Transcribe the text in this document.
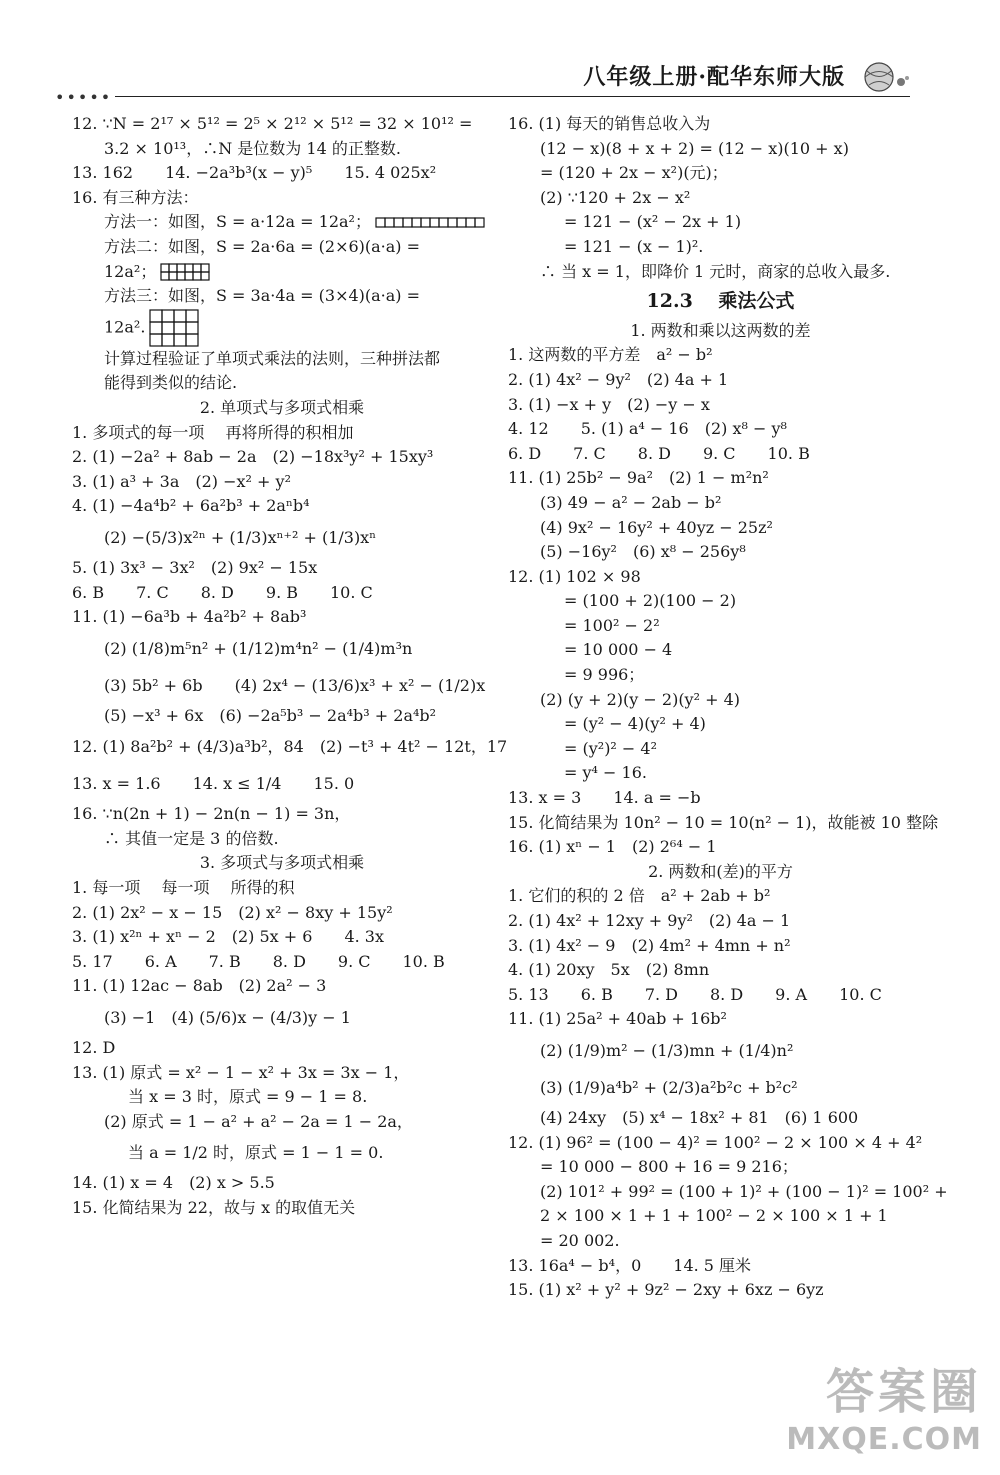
•••••
八年级上册·配华东师大版
12. ∵N = 2¹⁷ × 5¹² = 2⁵ × 2¹² × 5¹² = 32 × 10¹² =
3.2 × 10¹³，∴N 是位数为 14 的正整数.
13. 162　　14. −2a³b³(x − y)⁵　　15. 4 025x²
16. 有三种方法：
方法一：如图，S = a·12a = 12a²；
方法二：如图，S = 2a·6a = (2×6)(a·a) =
12a²；
方法三：如图，S = 3a·4a = (3×4)(a·a) =
12a².
计算过程验证了单项式乘法的法则，三种拼法都
能得到类似的结论.
2. 单项式与多项式相乘
1. 多项式的每一项　 再将所得的积相加
2. (1) −2a² + 8ab − 2a　(2) −18x³y² + 15xy³
3. (1) a³ + 3a　(2) −x² + y²
4. (1) −4a⁴b² + 6a²b³ + 2aⁿb⁴
(2) −(5/3)x²ⁿ + (1/3)xⁿ⁺² + (1/3)xⁿ
5. (1) 3x³ − 3x²　(2) 9x² − 15x
6. B　　7. C　　8. D　　9. B　　10. C
11. (1) −6a³b + 4a²b² + 8ab³
(2) (1/8)m⁵n² + (1/12)m⁴n² − (1/4)m³n
(3) 5b² + 6b　　(4) 2x⁴ − (13/6)x³ + x² − (1/2)x
(5) −x³ + 6x　(6) −2a⁵b³ − 2a⁴b³ + 2a⁴b²
12. (1) 8a²b² + (4/3)a³b²，84　(2) −t³ + 4t² − 12t，17
13. x = 1.6　　14. x ≤ 1/4　　15. 0
16. ∵n(2n + 1) − 2n(n − 1) = 3n，
∴ 其值一定是 3 的倍数.
3. 多项式与多项式相乘
1. 每一项　 每一项　 所得的积
2. (1) 2x² − x − 15　(2) x² − 8xy + 15y²
3. (1) x²ⁿ + xⁿ − 2　(2) 5x + 6　　4. 3x
5. 17　　6. A　　7. B　　8. D　　9. C　　10. B
11. (1) 12ac − 8ab　(2) 2a² − 3
(3) −1　(4) (5/6)x − (4/3)y − 1
12. D
13. (1) 原式 = x² − 1 − x² + 3x = 3x − 1，
当 x = 3 时，原式 = 9 − 1 = 8.
(2) 原式 = 1 − a² + a² − 2a = 1 − 2a，
当 a = 1/2 时，原式 = 1 − 1 = 0.
14. (1) x = 4　(2) x > 5.5
15. 化简结果为 22，故与 x 的取值无关
16. (1) 每天的销售总收入为
(12 − x)(8 + x + 2) = (12 − x)(10 + x)
= (120 + 2x − x²)(元)；
(2) ∵120 + 2x − x²
= 121 − (x² − 2x + 1)
= 121 − (x − 1)².
∴ 当 x = 1，即降价 1 元时，商家的总收入最多.
12.3　 乘法公式
1. 两数和乘以这两数的差
1. 这两数的平方差　a² − b²
2. (1) 4x² − 9y²　(2) 4a + 1
3. (1) −x + y　(2) −y − x
4. 12　　5. (1) a⁴ − 16　(2) x⁸ − y⁸
6. D　　7. C　　8. D　　9. C　　10. B
11. (1) 25b² − 9a²　(2) 1 − m²n²
(3) 49 − a² − 2ab − b²
(4) 9x² − 16y² + 40yz − 25z²
(5) −16y²　(6) x⁸ − 256y⁸
12. (1) 102 × 98
= (100 + 2)(100 − 2)
= 100² − 2²
= 10 000 − 4
= 9 996；
(2) (y + 2)(y − 2)(y² + 4)
= (y² − 4)(y² + 4)
= (y²)² − 4²
= y⁴ − 16.
13. x = 3　　14. a = −b
15. 化简结果为 10n² − 10 = 10(n² − 1)，故能被 10 整除
16. (1) xⁿ − 1　(2) 2⁶⁴ − 1
2. 两数和(差)的平方
1. 它们的积的 2 倍　a² + 2ab + b²
2. (1) 4x² + 12xy + 9y²　(2) 4a − 1
3. (1) 4x² − 9　(2) 4m² + 4mn + n²
4. (1) 20xy　5x　(2) 8mn
5. 13　　6. B　　7. D　　8. D　　9. A　　10. C
11. (1) 25a² + 40ab + 16b²
(2) (1/9)m² − (1/3)mn + (1/4)n²
(3) (1/9)a⁴b² + (2/3)a²b²c + b²c²
(4) 24xy　(5) x⁴ − 18x² + 81　(6) 1 600
12. (1) 96² = (100 − 4)² = 100² − 2 × 100 × 4 + 4²
= 10 000 − 800 + 16 = 9 216；
(2) 101² + 99² = (100 + 1)² + (100 − 1)² = 100² +
2 × 100 × 1 + 1 + 100² − 2 × 100 × 1 + 1
= 20 002.
13. 16a⁴ − b⁴，0　　14. 5 厘米
15. (1) x² + y² + 9z² − 2xy + 6xz − 6yz
答案圈
MXQE.COM
